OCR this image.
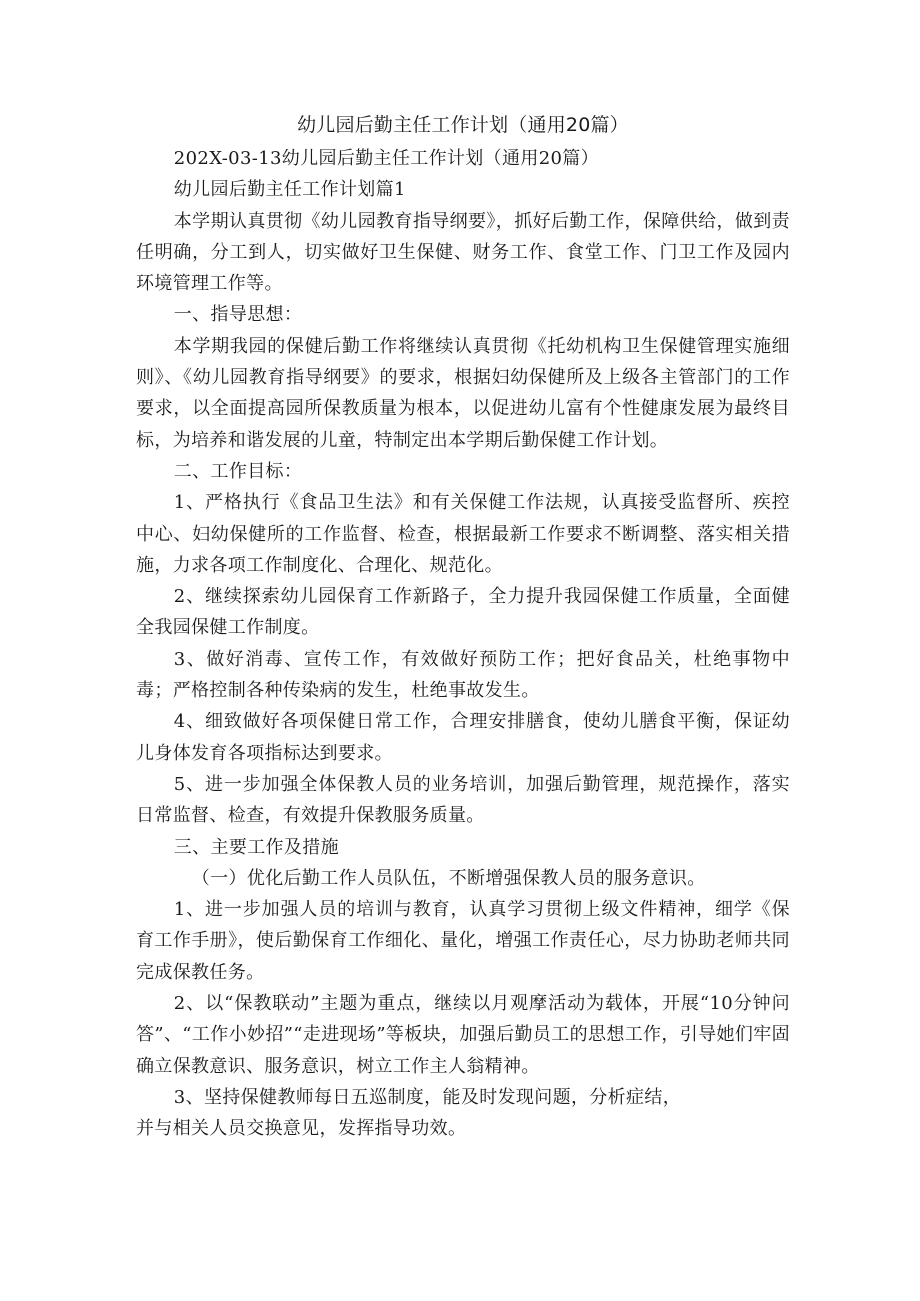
幼儿园后勤主任工作计划（通用20篇）

202X-03-13幼儿园后勤主任工作计划（通用20篇）

幼儿园后勤主任工作计划篇1

本学期认真贯彻《幼儿园教育指导纲要》，抓好后勤工作，保障供给，做到责任明确，分工到人，切实做好卫生保健、财务工作、食堂工作、门卫工作及园内环境管理工作等。

一、指导思想：

本学期我园的保健后勤工作将继续认真贯彻《托幼机构卫生保健管理实施细则》、《幼儿园教育指导纲要》的要求，根据妇幼保健所及上级各主管部门的工作要求，以全面提高园所保教质量为根本，以促进幼儿富有个性健康发展为最终目标，为培养和谐发展的儿童，特制定出本学期后勤保健工作计划。

二、工作目标：

1、严格执行《食品卫生法》和有关保健工作法规，认真接受监督所、疾控中心、妇幼保健所的工作监督、检查，根据最新工作要求不断调整、落实相关措施，力求各项工作制度化、合理化、规范化。

2、继续探索幼儿园保育工作新路子，全力提升我园保健工作质量，全面健全我园保健工作制度。

3、做好消毒、宣传工作，有效做好预防工作；把好食品关，杜绝事物中毒；严格控制各种传染病的发生，杜绝事故发生。

4、细致做好各项保健日常工作，合理安排膳食，使幼儿膳食平衡，保证幼儿身体发育各项指标达到要求。

5、进一步加强全体保教人员的业务培训，加强后勤管理，规范操作，落实日常监督、检查，有效提升保教服务质量。

三、主要工作及措施

（一）优化后勤工作人员队伍，不断增强保教人员的服务意识。

1、进一步加强人员的培训与教育，认真学习贯彻上级文件精神，细学《保育工作手册》，使后勤保育工作细化、量化，增强工作责任心，尽力协助老师共同完成保教任务。

2、以“保教联动”主题为重点，继续以月观摩活动为载体，开展“10分钟问答”、“工作小妙招”“走进现场”等板块，加强后勤员工的思想工作，引导她们牢固确立保教意识、服务意识，树立工作主人翁精神。

3、坚持保健教师每日五巡制度，能及时发现问题，分析症结，

并与相关人员交换意见，发挥指导功效。
